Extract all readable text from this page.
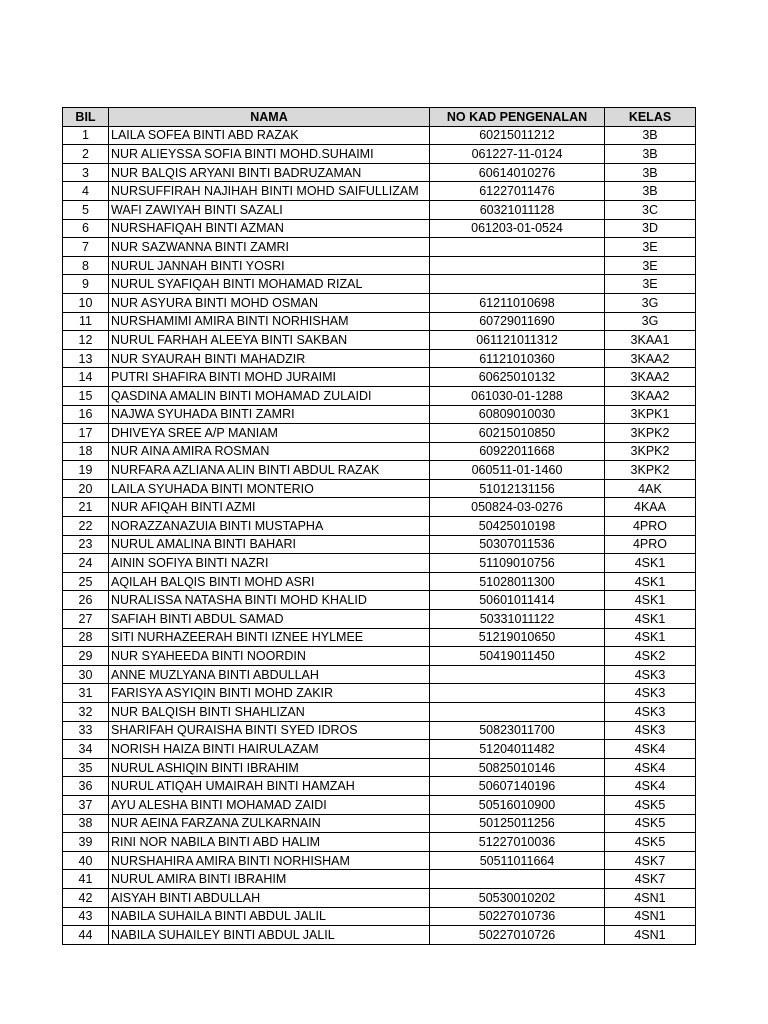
BIL	NAMA	NO KAD PENGENALAN	KELAS
1	LAILA SOFEA BINTI ABD RAZAK	60215011212	3B
2	NUR ALIEYSSA SOFIA BINTI MOHD.SUHAIMI	061227-11-0124	3B
3	NUR BALQIS ARYANI BINTI BADRUZAMAN	60614010276	3B
4	NURSUFFIRAH NAJIHAH BINTI MOHD SAIFULLIZAM	61227011476	3B
5	WAFI ZAWIYAH BINTI SAZALI	60321011128	3C
6	NURSHAFIQAH BINTI AZMAN	061203-01-0524	3D
7	NUR SAZWANNA BINTI ZAMRI		3E
8	NURUL JANNAH BINTI YOSRI		3E
9	NURUL SYAFIQAH BINTI MOHAMAD RIZAL		3E
10	NUR ASYURA BINTI MOHD OSMAN	61211010698	3G
11	NURSHAMIMI AMIRA BINTI NORHISHAM	60729011690	3G
12	NURUL FARHAH ALEEYA BINTI SAKBAN	061121011312	3KAA1
13	NUR SYAURAH BINTI MAHADZIR	61121010360	3KAA2
14	PUTRI SHAFIRA BINTI MOHD JURAIMI	60625010132	3KAA2
15	QASDINA AMALIN BINTI MOHAMAD ZULAIDI	061030-01-1288	3KAA2
16	NAJWA SYUHADA BINTI ZAMRI	60809010030	3KPK1
17	DHIVEYA SREE A/P MANIAM	60215010850	3KPK2
18	NUR AINA AMIRA ROSMAN	60922011668	3KPK2
19	NURFARA AZLIANA ALIN BINTI ABDUL RAZAK	060511-01-1460	3KPK2
20	LAILA SYUHADA BINTI MONTERIO	51012131156	4AK
21	NUR AFIQAH BINTI AZMI	050824-03-0276	4KAA
22	NORAZZANAZUIA BINTI MUSTAPHA	50425010198	4PRO
23	NURUL AMALINA BINTI BAHARI	50307011536	4PRO
24	AININ SOFIYA BINTI NAZRI	51109010756	4SK1
25	AQILAH BALQIS BINTI MOHD ASRI	51028011300	4SK1
26	NURALISSA NATASHA BINTI MOHD KHALID	50601011414	4SK1
27	SAFIAH BINTI ABDUL SAMAD	50331011122	4SK1
28	SITI NURHAZEERAH BINTI IZNEE HYLMEE	51219010650	4SK1
29	NUR SYAHEEDA BINTI NOORDIN	50419011450	4SK2
30	ANNE MUZLYANA BINTI ABDULLAH		4SK3
31	FARISYA ASYIQIN BINTI MOHD ZAKIR		4SK3
32	NUR BALQISH BINTI SHAHLIZAN		4SK3
33	SHARIFAH QURAISHA BINTI SYED IDROS	50823011700	4SK3
34	NORISH HAIZA BINTI HAIRULAZAM	51204011482	4SK4
35	NURUL ASHIQIN BINTI IBRAHIM	50825010146	4SK4
36	NURUL ATIQAH UMAIRAH BINTI HAMZAH	50607140196	4SK4
37	AYU ALESHA BINTI MOHAMAD ZAIDI	50516010900	4SK5
38	NUR AEINA FARZANA ZULKARNAIN	50125011256	4SK5
39	RINI NOR NABILA BINTI ABD HALIM	51227010036	4SK5
40	NURSHAHIRA AMIRA BINTI NORHISHAM	50511011664	4SK7
41	NURUL AMIRA BINTI IBRAHIM		4SK7
42	AISYAH BINTI ABDULLAH	50530010202	4SN1
43	NABILA SUHAILA BINTI ABDUL JALIL	50227010736	4SN1
44	NABILA SUHAILEY BINTI ABDUL JALIL	50227010726	4SN1
